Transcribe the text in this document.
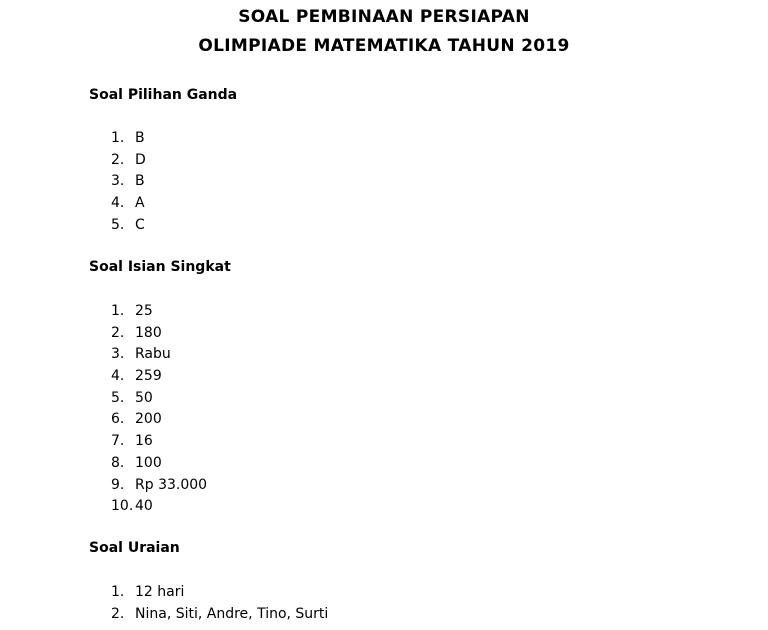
SOAL PEMBINAAN PERSIAPAN
OLIMPIADE MATEMATIKA TAHUN 2019
Soal Pilihan Ganda
1. B
2. D
3. B
4. A
5. C
Soal Isian Singkat
1. 25
2. 180
3. Rabu
4. 259
5. 50
6. 200
7. 16
8. 100
9. Rp 33.000
10. 40
Soal Uraian
1. 12 hari
2. Nina, Siti, Andre, Tino, Surti
